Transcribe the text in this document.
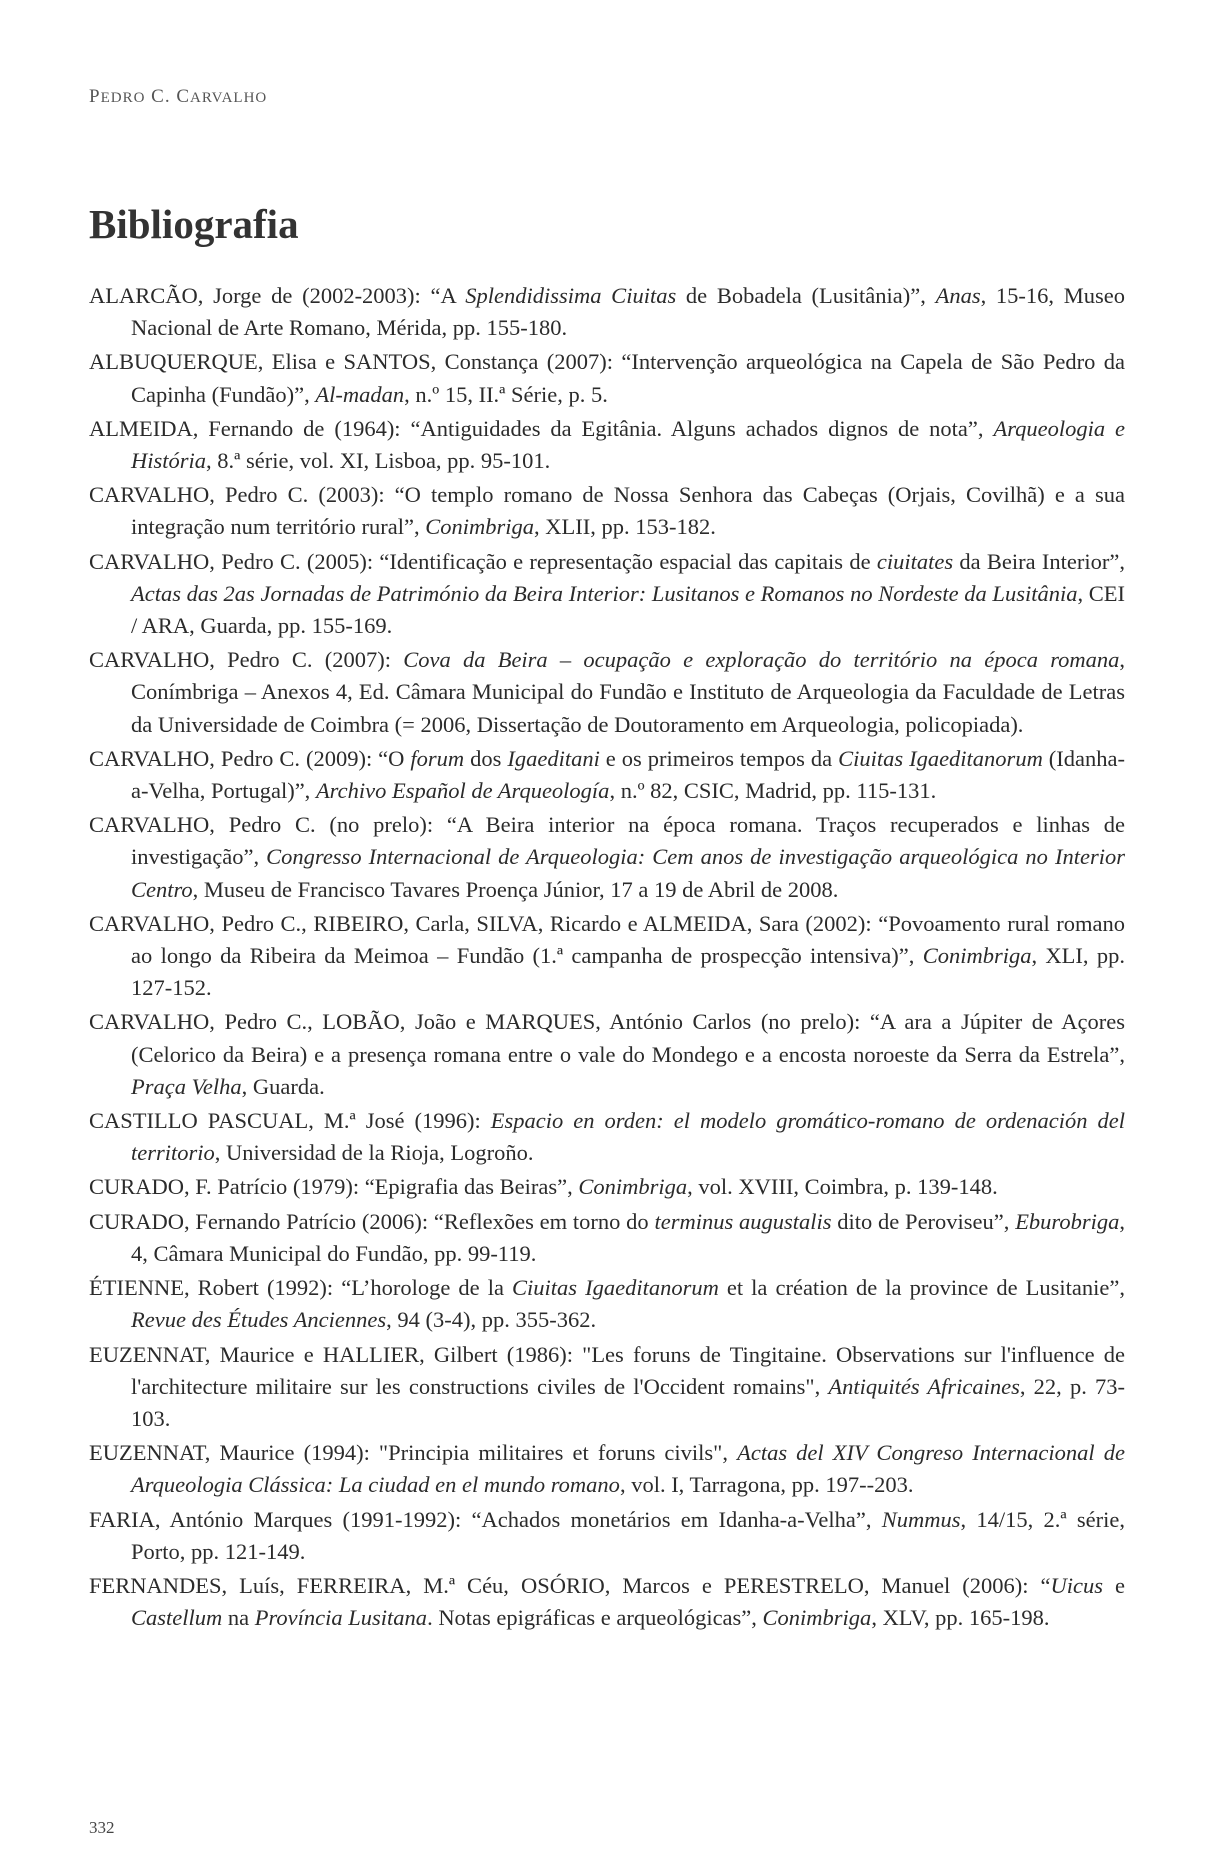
PEDRO C. CARVALHO
Bibliografia
ALARCÃO, Jorge de (2002-2003): “A Splendidissima Ciuitas de Bobadela (Lusitânia)”, Anas, 15-16, Museo Nacional de Arte Romano, Mérida, pp. 155-180.
ALBUQUERQUE, Elisa e SANTOS, Constança (2007): “Intervenção arqueológica na Capela de São Pedro da Capinha (Fundão)”, Al-madan, n.º 15, II.ª Série, p. 5.
ALMEIDA, Fernando de (1964): “Antiguidades da Egitânia. Alguns achados dignos de nota”, Arqueologia e História, 8.ª série, vol. XI, Lisboa, pp. 95-101.
CARVALHO, Pedro C. (2003): “O templo romano de Nossa Senhora das Cabeças (Orjais, Covilhã) e a sua integração num território rural”, Conimbriga, XLII, pp. 153-182.
CARVALHO, Pedro C. (2005): “Identificação e representação espacial das capitais de ciuitates da Beira Interior”, Actas das 2as Jornadas de Património da Beira Interior: Lusitanos e Romanos no Nordeste da Lusitânia, CEI / ARA, Guarda, pp. 155-169.
CARVALHO, Pedro C. (2007): Cova da Beira – ocupação e exploração do território na época romana, Conímbriga – Anexos 4, Ed. Câmara Municipal do Fundão e Instituto de Arqueologia da Faculdade de Letras da Universidade de Coimbra (= 2006, Dissertação de Doutoramento em Arqueologia, policopiada).
CARVALHO, Pedro C. (2009): “O forum dos Igaeditani e os primeiros tempos da Ciuitas Igaeditanorum (Idanha-a-Velha, Portugal)”, Archivo Español de Arqueología, n.º 82, CSIC, Madrid, pp. 115-131.
CARVALHO, Pedro C. (no prelo): “A Beira interior na época romana. Traços recuperados e linhas de investigação”, Congresso Internacional de Arqueologia: Cem anos de investigação arqueológica no Interior Centro, Museu de Francisco Tavares Proença Júnior, 17 a 19 de Abril de 2008.
CARVALHO, Pedro C., RIBEIRO, Carla, SILVA, Ricardo e ALMEIDA, Sara (2002): “Povoamento rural romano ao longo da Ribeira da Meimoa – Fundão (1.ª campanha de prospecção intensiva)”, Conimbriga, XLI, pp. 127-152.
CARVALHO, Pedro C., LOBÃO, João e MARQUES, António Carlos (no prelo): “A ara a Júpiter de Açores (Celorico da Beira) e a presença romana entre o vale do Mondego e a encosta noroeste da Serra da Estrela”, Praça Velha, Guarda.
CASTILLO PASCUAL, M.ª José (1996): Espacio en orden: el modelo gromático-romano de ordenación del territorio, Universidad de la Rioja, Logroño.
CURADO, F. Patrício (1979): “Epigrafia das Beiras”, Conimbriga, vol. XVIII, Coimbra, p. 139-148.
CURADO, Fernando Patrício (2006): “Reflexões em torno do terminus augustalis dito de Peroviseu”, Eburobriga, 4, Câmara Municipal do Fundão, pp. 99-119.
ÉTIENNE, Robert (1992): “L’horologe de la Ciuitas Igaeditanorum et la création de la province de Lusitanie”, Revue des Études Anciennes, 94 (3-4), pp. 355-362.
EUZENNAT, Maurice e HALLIER, Gilbert (1986): "Les foruns de Tingitaine. Observations sur l'influence de l'architecture militaire sur les constructions civiles de l'Occident romains", Antiquités Africaines, 22, p. 73-103.
EUZENNAT, Maurice (1994): "Principia militaires et foruns civils", Actas del XIV Congreso Internacional de Arqueologia Clássica: La ciudad en el mundo romano, vol. I, Tarragona, pp. 197--203.
FARIA, António Marques (1991-1992): “Achados monetários em Idanha-a-Velha”, Nummus, 14/15, 2.ª série, Porto, pp. 121-149.
FERNANDES, Luís, FERREIRA, M.ª Céu, OSÓRIO, Marcos e PERESTRELO, Manuel (2006): “Uicus e Castellum na Província Lusitana. Notas epigráficas e arqueológicas”, Conimbriga, XLV, pp. 165-198.
332
